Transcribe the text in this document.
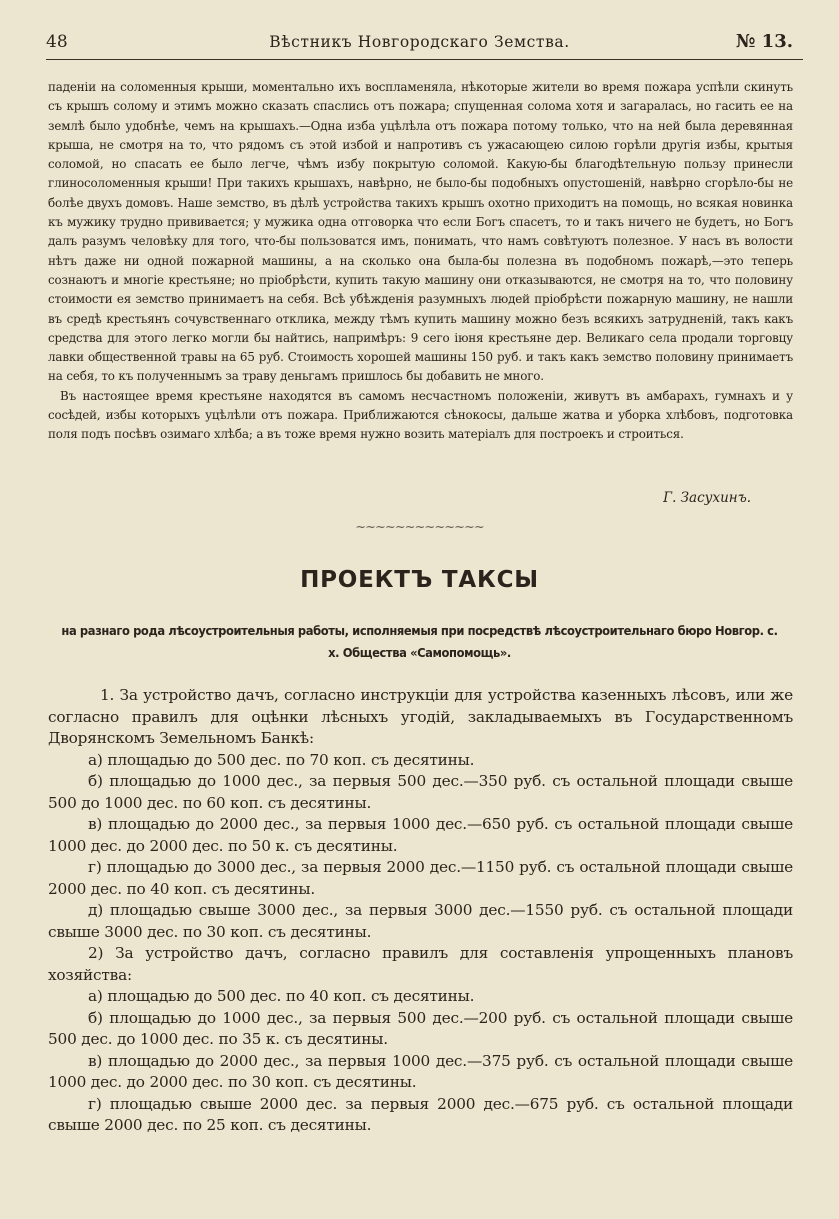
48	Вѣстникъ Новгородскаго Земства.	№ 13.

паденіи на соломенныя крыши, моментально ихъ воспламеняла, нѣкоторые жители во время пожара успѣли скинуть съ крышъ солому и этимъ можно сказать спаслись отъ пожара; спущенная солома хотя и загаралась, но гасить ее на землѣ было удобнѣе, чемъ на крышахъ.—Одна изба уцѣлѣла отъ пожара потому только, что на ней была деревянная крыша, не смотря на то, что рядомъ съ этой избой и напротивъ съ ужасающею силою горѣли другія избы, крытыя соломой, но спасать ее было легче, чѣмъ избу покрытую соломой. Какую-бы благодѣтельную пользу принесли глиносоломенныя крыши! При такихъ крышахъ, навѣрно, не было-бы подобныхъ опустошеній, навѣрно сгорѣло-бы не болѣе двухъ домовъ. Наше земство, въ дѣлѣ устройства такихъ крышъ охотно приходитъ на помощь, но всякая новинка къ мужику трудно прививается; у мужика одна отговорка что если Богъ спасетъ, то и такъ ничего не будетъ, но Богъ далъ разумъ человѣку для того, что-бы пользоватся имъ, понимать, что намъ совѣтуютъ полезное. У насъ въ волости нѣтъ даже ни одной пожарной машины, а на сколько она была-бы полезна въ подобномъ пожарѣ,—это теперь сознаютъ и многіе крестьяне; но пріобрѣсти, купить такую машину они отказываются, не смотря на то, что половину стоимости ея земство принимаетъ на себя. Всѣ убѣжденія разумныхъ людей пріобрѣсти пожарную машину, не нашли въ средѣ крестьянъ сочувственнаго отклика, между тѣмъ купить машину можно безъ всякихъ затрудненій, такъ какъ средства для этого легко могли бы найтись, напримѣръ: 9 сего іюня крестьяне дер. Великаго села продали торговцу лавки общественной травы на 65 руб. Стоимость хорошей машины 150 руб. и такъ какъ земство половину принимаетъ на себя, то къ полученнымъ за траву деньгамъ пришлось бы добавить не много.

Въ настоящее время крестьяне находятся въ самомъ несчастномъ положеніи, живутъ въ амбарахъ, гумнахъ и у сосѣдей, избы которыхъ уцѣлѣли отъ пожара. Приближаются сѣнокосы, дальше жатва и уборка хлѣбовъ, подготовка поля подъ посѣвъ озимаго хлѣба; а въ тоже время нужно возить матеріалъ для построекъ и строиться.

Г. Засухинъ.
~~~~~~~~~~~~~
ПРОЕКТЪ ТАКСЫ
на разнаго рода лѣсоустроительныя работы, исполняемыя при посредствѣ лѣсоустроительнаго бюро Новгор. с. х. Общества «Самопомощь».

1. За устройство дачъ, согласно инструкціи для устройства казенныхъ лѣсовъ, или же согласно правилъ для оцѣнки лѣсныхъ угодій, закладываемыхъ въ Государственномъ Дворянскомъ Земельномъ Банкѣ:

а) площадью до 500 дес. по 70 коп. съ десятины.

б) площадью до 1000 дес., за первыя 500 дес.—350 руб. съ остальной площади свыше 500 до 1000 дес. по 60 коп. съ десятины.

в) площадью до 2000 дес., за первыя 1000 дес.—650 руб. съ остальной площади свыше 1000 дес. до 2000 дес. по 50 к. съ десятины.

г) площадью до 3000 дес., за первыя 2000 дес.—1150 руб. съ остальной площади свыше 2000 дес. по 40 коп. съ десятины.

д) площадью свыше 3000 дес., за первыя 3000 дес.—1550 руб. съ остальной площади свыше 3000 дес. по 30 коп. съ десятины.

2) За устройство дачъ, согласно правилъ для составленія упрощенныхъ плановъ хозяйства:

а) площадью до 500 дес. по 40 коп. съ десятины.

б) площадью до 1000 дес., за первыя 500 дес.—200 руб. съ остальной площади свыше 500 дес. до 1000 дес. по 35 к. съ десятины.

в) площадью до 2000 дес., за первыя 1000 дес.—375 руб. съ остальной площади свыше 1000 дес. до 2000 дес. по 30 коп. съ десятины.

г) площадью свыше 2000 дес. за первыя 2000 дес.—675 руб. съ остальной площади свыше 2000 дес. по 25 коп. съ десятины.
